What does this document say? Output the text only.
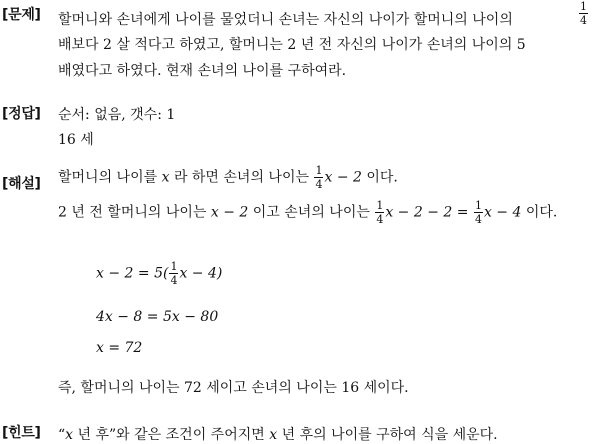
[문제] 할머니와 손녀에게 나이를 물었더니 손녀는 자신의 나이가 할머니의 나이의	$\frac{1}{4}$
배보다 2 살 적다고 하였고, 할머니는 2 년 전 자신의 나이가 손녀의 나이의 5
배였다고 하였다. 현재 손녀의 나이를 구하여라.
[정답] 순서: 없음, 갯수: 1
16 세
[해설] 할머니의 나이를 x 라 하면 손녀의 나이는 $\frac{1}{4}$ x − 2 이다.
2 년 전 할머니의 나이는 x − 2 이고 손녀의 나이는 $\frac{1}{4}$ $x - 2 - 2 = \frac{1}{4}$ x − 4 이다.
$x - 2 = 5( \frac{1}{4}$ x − 4)
4x − 8 = 5x − 80
x = 72
즉, 할머니의 나이는 72 세이고 손녀의 나이는 16 세이다.
[힌트] “x 년 후”와 같은 조건이 주어지면 x 년 후의 나이를 구하여 식을 세운다.
